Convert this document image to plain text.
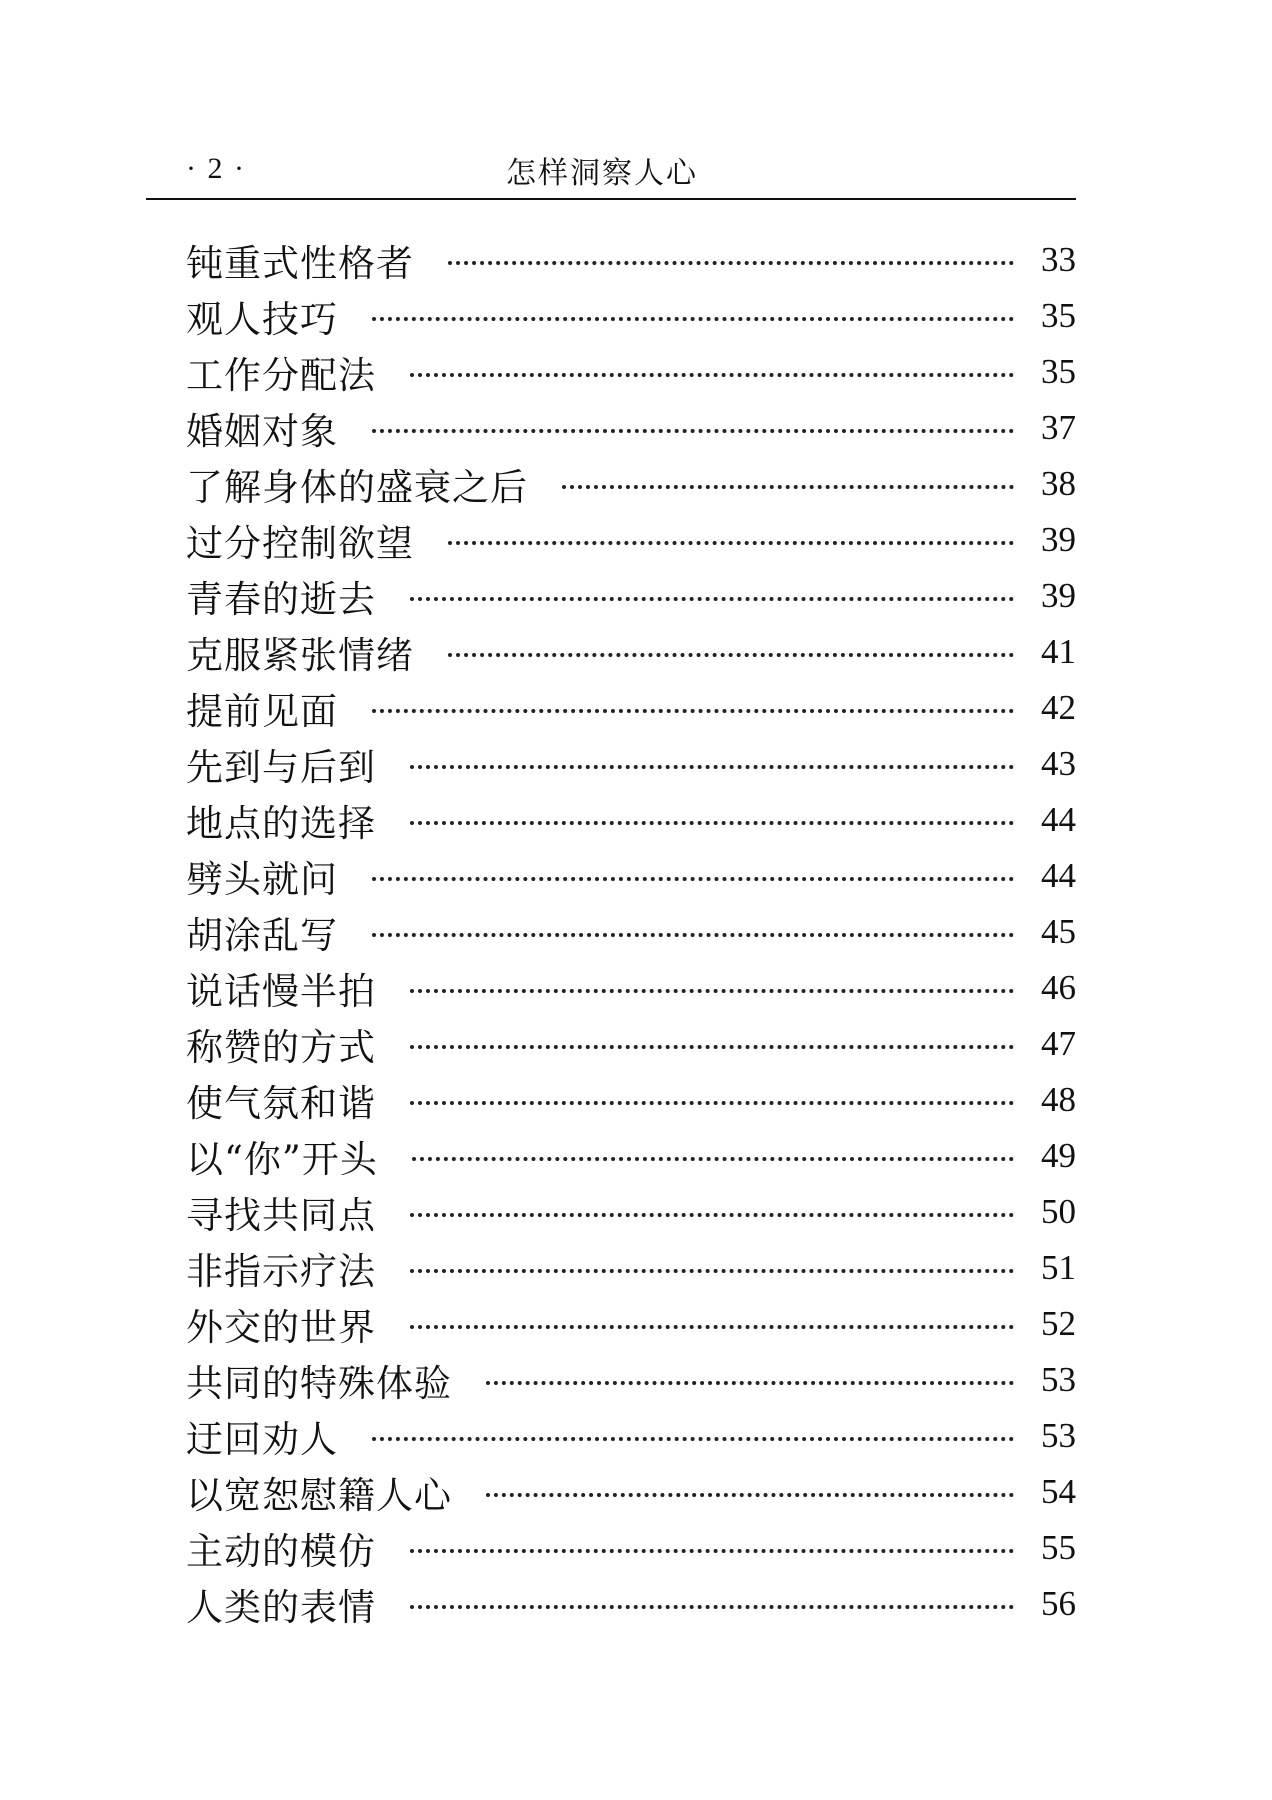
· 2 ·	怎样洞察人心
钝重式性格者	33
观人技巧	35
工作分配法	35
婚姻对象	37
了解身体的盛衰之后	38
过分控制欲望	39
青春的逝去	39
克服紧张情绪	41
提前见面	42
先到与后到	43
地点的选择	44
劈头就问	44
胡涂乱写	45
说话慢半拍	46
称赞的方式	47
使气氛和谐	48
以“你”开头	49
寻找共同点	50
非指示疗法	51
外交的世界	52
共同的特殊体验	53
迂回劝人	53
以宽恕慰籍人心	54
主动的模仿	55
人类的表情	56
